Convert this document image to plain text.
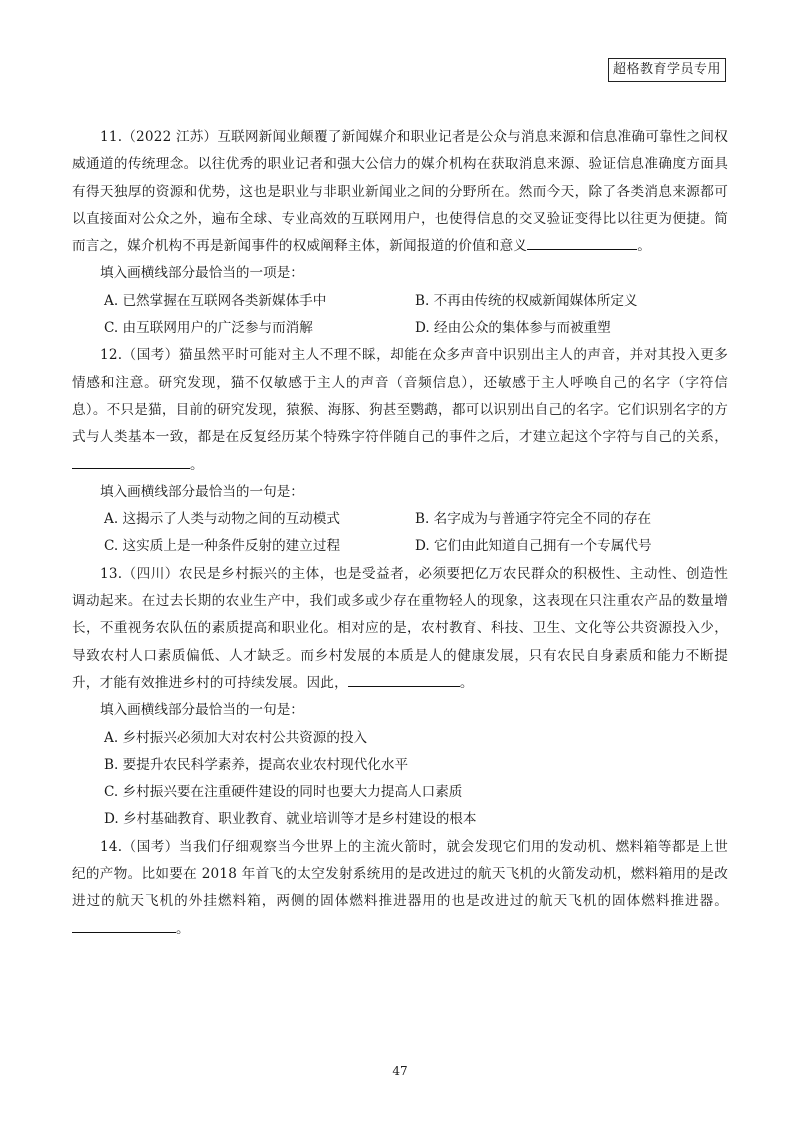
超格教育学员专用

11.（2022 江苏）互联网新闻业颠覆了新闻媒介和职业记者是公众与消息来源和信息准确可靠性之间权威通道的传统理念。以往优秀的职业记者和强大公信力的媒介机构在获取消息来源、验证信息准确度方面具有得天独厚的资源和优势，这也是职业与非职业新闻业之间的分野所在。然而今天，除了各类消息来源都可以直接面对公众之外，遍布全球、专业高效的互联网用户，也使得信息的交叉验证变得比以往更为便捷。简而言之，媒介机构不再是新闻事件的权威阐释主体，新闻报道的价值和意义	。

填入画横线部分最恰当的一项是：

A. 已然掌握在互联网各类新媒体手中	B. 不再由传统的权威新闻媒体所定义
C. 由互联网用户的广泛参与而消解	D. 经由公众的集体参与而被重塑

12.（国考）猫虽然平时可能对主人不理不睬，却能在众多声音中识别出主人的声音，并对其投入更多情感和注意。研究发现，猫不仅敏感于主人的声音（音频信息），还敏感于主人呼唤自己的名字（字符信息）。不只是猫，目前的研究发现，猿猴、海豚、狗甚至鹦鹉，都可以识别出自己的名字。它们识别名字的方式与人类基本一致，都是在反复经历某个特殊字符伴随自己的事件之后，才建立起这个字符与自己的关系，。

填入画横线部分最恰当的一句是：

A. 这揭示了人类与动物之间的互动模式	B. 名字成为与普通字符完全不同的存在
C. 这实质上是一种条件反射的建立过程	D. 它们由此知道自己拥有一个专属代号

13.（四川）农民是乡村振兴的主体，也是受益者，必须要把亿万农民群众的积极性、主动性、创造性调动起来。在过去长期的农业生产中，我们或多或少存在重物轻人的现象，这表现在只注重农产品的数量增长，不重视务农队伍的素质提高和职业化。相对应的是，农村教育、科技、卫生、文化等公共资源投入少，导致农村人口素质偏低、人才缺乏。而乡村发展的本质是人的健康发展，只有农民自身素质和能力不断提升，才能有效推进乡村的可持续发展。因此，	。

填入画横线部分最恰当的一句是：

A. 乡村振兴必须加大对农村公共资源的投入
B. 要提升农民科学素养，提高农业农村现代化水平
C. 乡村振兴要在注重硬件建设的同时也要大力提高人口素质
D. 乡村基础教育、职业教育、就业培训等才是乡村建设的根本

14.（国考）当我们仔细观察当今世界上的主流火箭时，就会发现它们用的发动机、燃料箱等都是上世纪的产物。比如要在 2018 年首飞的太空发射系统用的是改进过的航天飞机的火箭发动机，燃料箱用的是改进过的航天飞机的外挂燃料箱，两侧的固体燃料推进器用的也是改进过的航天飞机的固体燃料推进器。。

47
